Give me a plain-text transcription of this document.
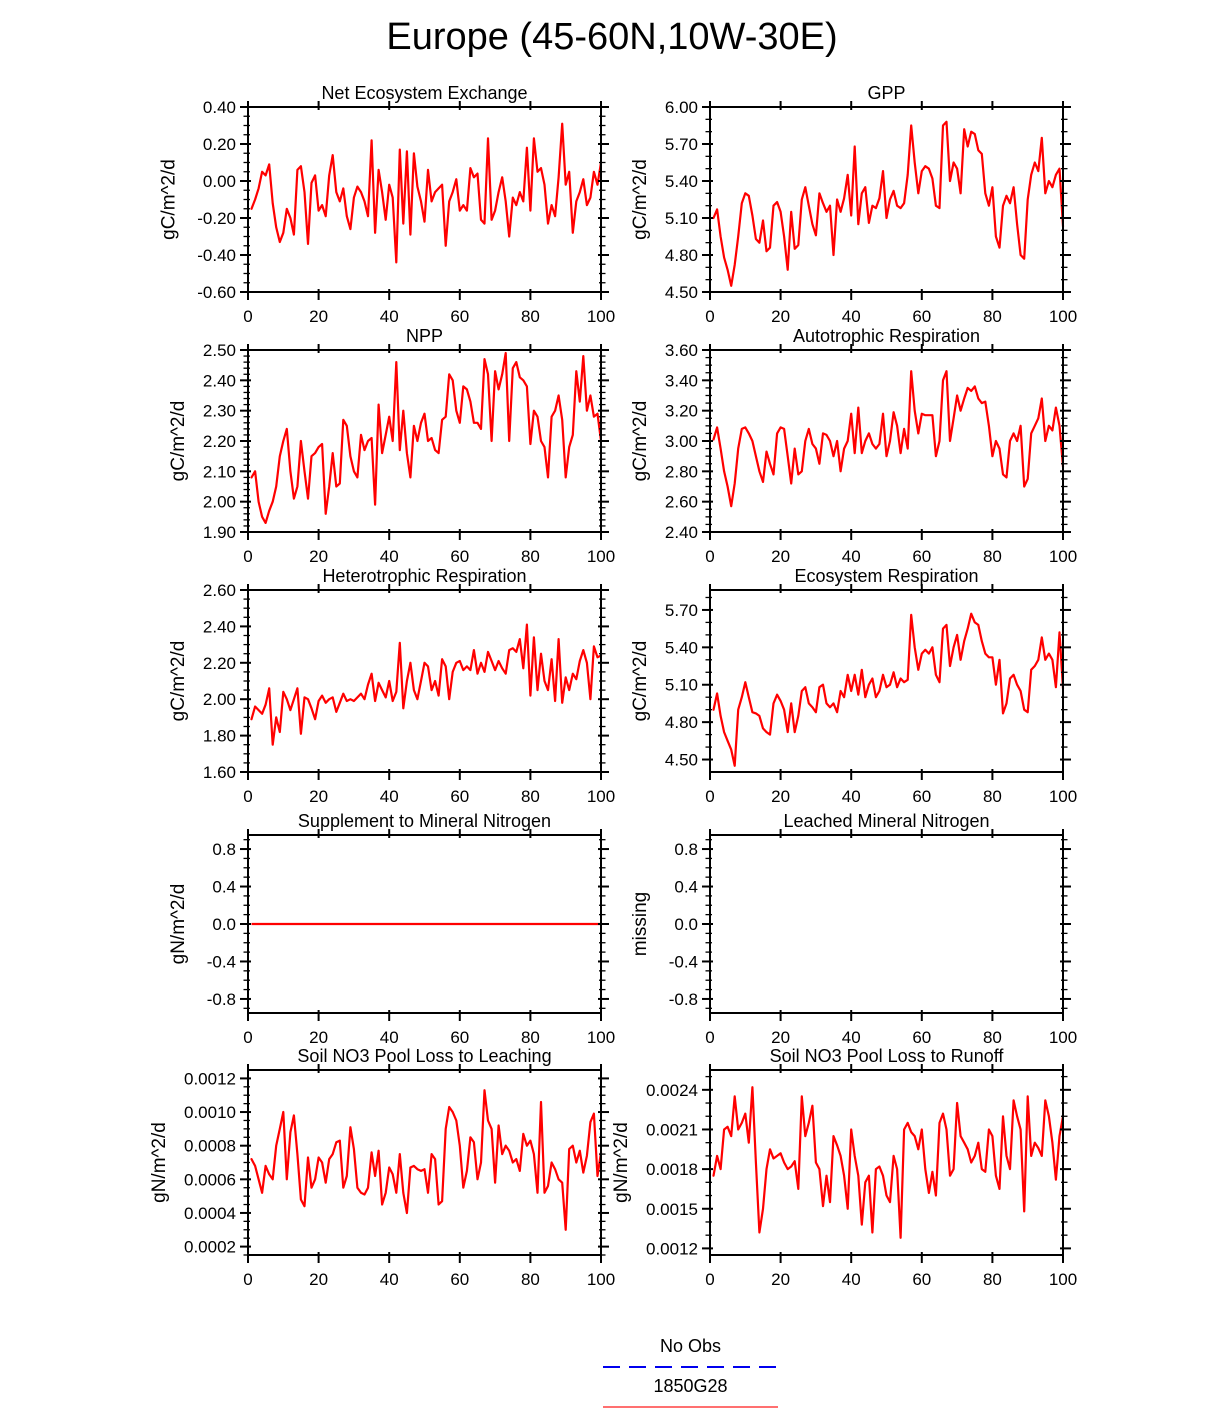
Europe (45-60N,10W-30E)
Net Ecosystem Exchange
0	20	40	60	80	100
0.40
0.20
0.00
-0.20
-0.40
-0.60
gC/m^2/d
GPP
0	20	40	60	80	100
6.00
5.70
5.40
5.10
4.80
4.50
gC/m^2/d
NPP
0	20	40	60	80	100
2.50
2.40
2.30
2.20
2.10
2.00
1.90
gC/m^2/d
Autotrophic Respiration
0	20	40	60	80	100
3.60
3.40
3.20
3.00
2.80
2.60
2.40
gC/m^2/d
Heterotrophic Respiration
0	20	40	60	80	100
2.60
2.40
2.20
2.00
1.80
1.60
gC/m^2/d
Ecosystem Respiration
0	20	40	60	80	100
5.70
5.40
5.10
4.80
4.50
gC/m^2/d
Supplement to Mineral Nitrogen
0	20	40	60	80	100
0.8
0.4
0.0
-0.4
-0.8
gN/m^2/d
Leached Mineral Nitrogen
0	20	40	60	80	100
0.8
0.4
0.0
-0.4
-0.8
missing
Soil NO3 Pool Loss to Leaching
0	20	40	60	80	100
0.0012
0.0010
0.0008
0.0006
0.0004
0.0002
gN/m^2/d
Soil NO3 Pool Loss to Runoff
0	20	40	60	80	100
0.0024
0.0021
0.0018
0.0015
0.0012
gN/m^2/d
No Obs
1850G28
